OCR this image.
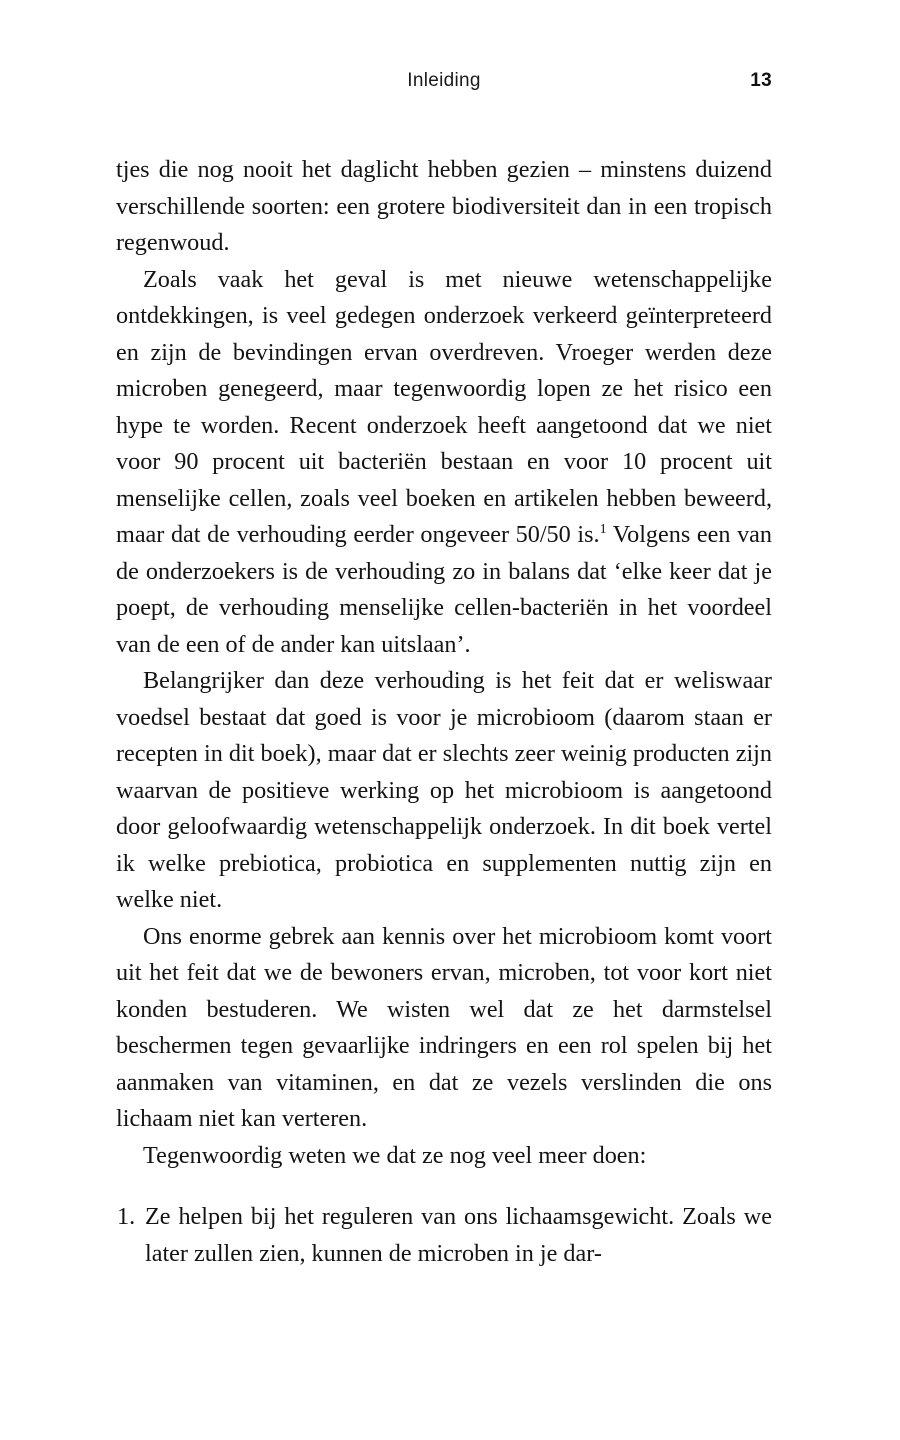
Inleiding	13

tjes die nog nooit het daglicht hebben gezien – minstens duizend verschillende soorten: een grotere biodiversiteit dan in een tropisch regenwoud.

Zoals vaak het geval is met nieuwe wetenschappelijke ontdekkingen, is veel gedegen onderzoek verkeerd geïnterpreteerd en zijn de bevindingen ervan overdreven. Vroeger werden deze microben genegeerd, maar tegenwoordig lopen ze het risico een hype te worden. Recent onderzoek heeft aangetoond dat we niet voor 90 procent uit bacteriën bestaan en voor 10 procent uit menselijke cellen, zoals veel boeken en artikelen hebben beweerd, maar dat de verhouding eerder ongeveer 50/50 is.$^1$ Volgens een van de onderzoekers is de verhouding zo in balans dat ‘elke keer dat je poept, de verhouding menselijke cellen-bacteriën in het voordeel van de een of de ander kan uitslaan’.

Belangrijker dan deze verhouding is het feit dat er weliswaar voedsel bestaat dat goed is voor je microbioom (daarom staan er recepten in dit boek), maar dat er slechts zeer weinig producten zijn waarvan de positieve werking op het microbioom is aangetoond door geloofwaardig wetenschappelijk onderzoek. In dit boek vertel ik welke prebiotica, probiotica en supplementen nuttig zijn en welke niet.

Ons enorme gebrek aan kennis over het microbioom komt voort uit het feit dat we de bewoners ervan, microben, tot voor kort niet konden bestuderen. We wisten wel dat ze het darmstelsel beschermen tegen gevaarlijke indringers en een rol spelen bij het aanmaken van vitaminen, en dat ze vezels verslinden die ons lichaam niet kan verteren.

Tegenwoordig weten we dat ze nog veel meer doen:

1. Ze helpen bij het reguleren van ons lichaamsgewicht. Zoals we later zullen zien, kunnen de microben in je dar-
